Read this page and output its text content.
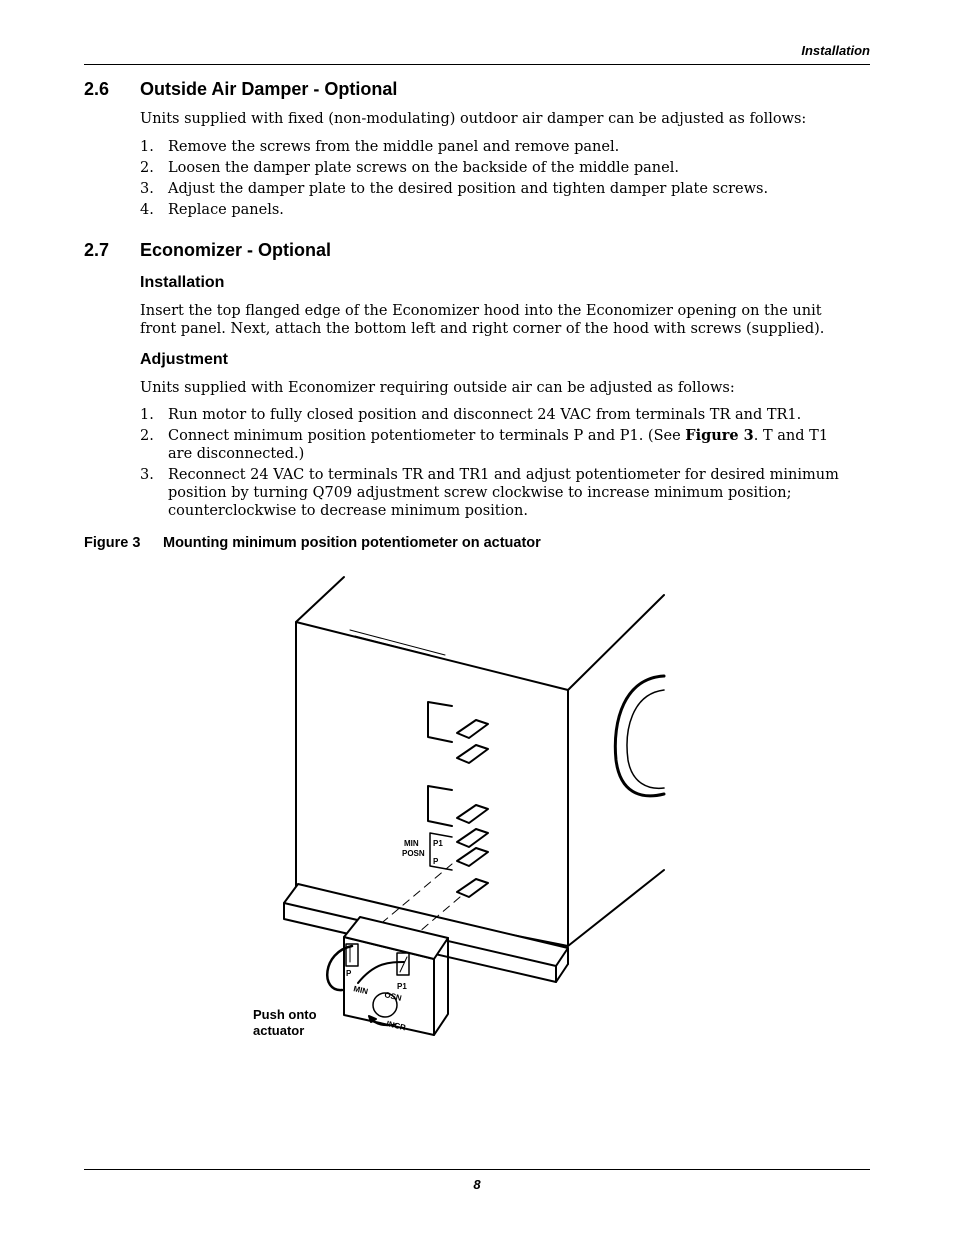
Installation
2.6 Outside Air Damper - Optional
Units supplied with fixed (non-modulating) outdoor air damper can be adjusted as follows:
1. Remove the screws from the middle panel and remove panel.
2. Loosen the damper plate screws on the backside of the middle panel.
3. Adjust the damper plate to the desired position and tighten damper plate screws.
4. Replace panels.
2.7 Economizer - Optional
Installation
Insert the top flanged edge of the Economizer hood into the Economizer opening on the unit front panel. Next, attach the bottom left and right corner of the hood with screws (supplied).
Adjustment
Units supplied with Economizer requiring outside air can be adjusted as follows:
1. Run motor to fully closed position and disconnect 24 VAC from terminals TR and TR1.
2. Connect minimum position potentiometer to terminals P and P1. (See Figure 3. T and T1 are disconnected.)
3. Reconnect 24 VAC to terminals TR and TR1 and adjust potentiometer for desired minimum position by turning Q709 adjustment screw clockwise to increase minimum position; counterclockwise to decrease minimum position.
Figure 3 Mounting minimum position potentiometer on actuator
MIN
POSN
P1
P
P
P1
MIN OSN
INCR
Push onto
actuator
8
